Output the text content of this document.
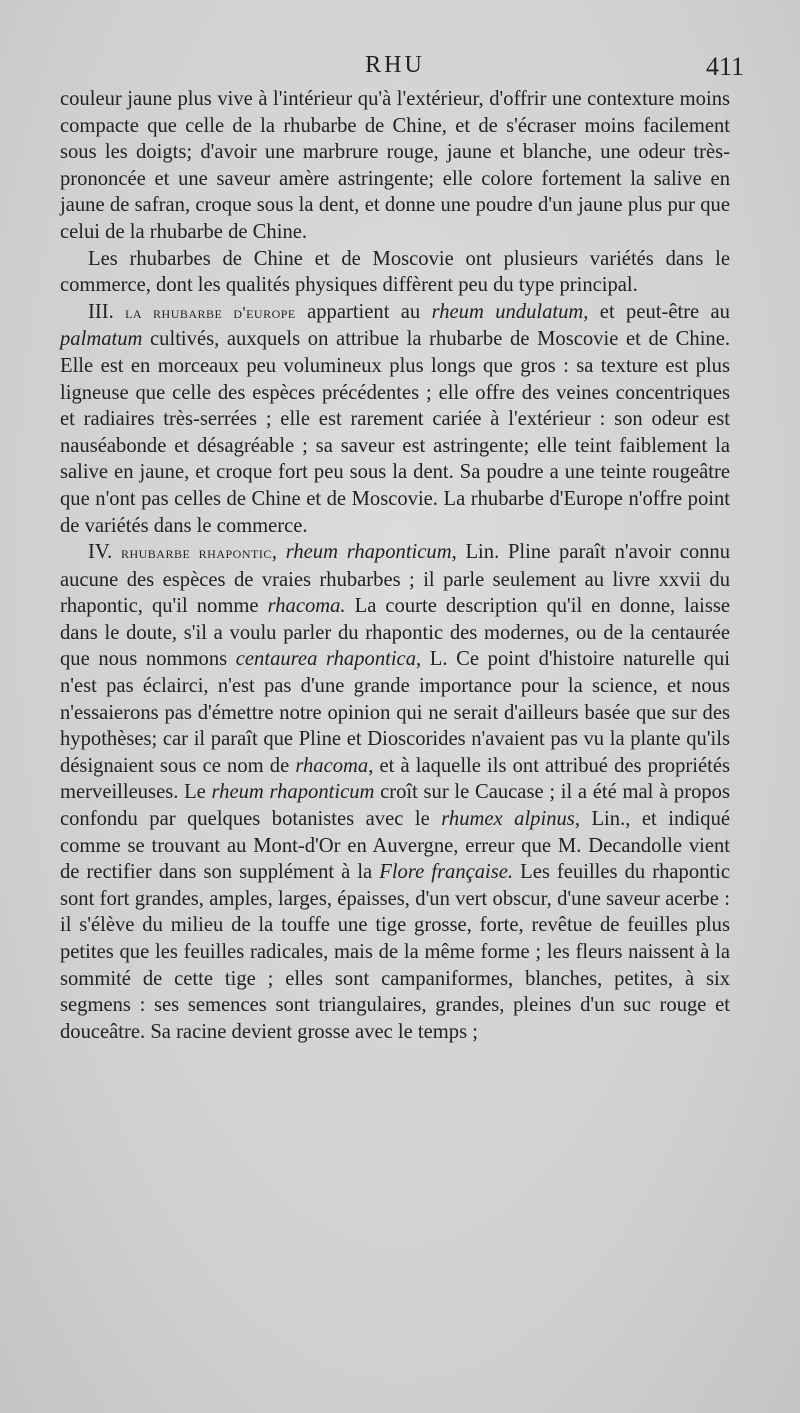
RHU	411

couleur jaune plus vive à l'intérieur qu'à l'extérieur, d'offrir une contexture moins compacte que celle de la rhubarbe de Chine, et de s'écraser moins facilement sous les doigts; d'avoir une marbrure rouge, jaune et blanche, une odeur très-prononcée et une saveur amère astringente; elle colore fortement la salive en jaune de safran, croque sous la dent, et donne une poudre d'un jaune plus pur que celui de la rhubarbe de Chine.

Les rhubarbes de Chine et de Moscovie ont plusieurs variétés dans le commerce, dont les qualités physiques diffèrent peu du type principal.

III. la rhubarbe d'europe appartient au rheum undulatum, et peut-être au palmatum cultivés, auxquels on attribue la rhubarbe de Moscovie et de Chine. Elle est en morceaux peu volumineux plus longs que gros : sa texture est plus ligneuse que celle des espèces précédentes ; elle offre des veines concentriques et radiaires très-serrées ; elle est rarement cariée à l'extérieur : son odeur est nauséabonde et désagréable ; sa saveur est astringente; elle teint faiblement la salive en jaune, et croque fort peu sous la dent. Sa poudre a une teinte rougeâtre que n'ont pas celles de Chine et de Moscovie. La rhubarbe d'Europe n'offre point de variétés dans le commerce.

IV. rhubarbe rhapontic, rheum rhaponticum, Lin. Pline paraît n'avoir connu aucune des espèces de vraies rhubarbes ; il parle seulement au livre xxvii du rhapontic, qu'il nomme rhacoma. La courte description qu'il en donne, laisse dans le doute, s'il a voulu parler du rhapontic des modernes, ou de la centaurée que nous nommons centaurea rhapontica, L. Ce point d'histoire naturelle qui n'est pas éclairci, n'est pas d'une grande importance pour la science, et nous n'essaierons pas d'émettre notre opinion qui ne serait d'ailleurs basée que sur des hypothèses; car il paraît que Pline et Dioscorides n'avaient pas vu la plante qu'ils désignaient sous ce nom de rhacoma, et à laquelle ils ont attribué des propriétés merveilleuses. Le rheum rhaponticum croît sur le Caucase ; il a été mal à propos confondu par quelques botanistes avec le rhumex alpinus, Lin., et indiqué comme se trouvant au Mont-d'Or en Auvergne, erreur que M. Decandolle vient de rectifier dans son supplément à la Flore française. Les feuilles du rhapontic sont fort grandes, amples, larges, épaisses, d'un vert obscur, d'une saveur acerbe : il s'élève du milieu de la touffe une tige grosse, forte, revêtue de feuilles plus petites que les feuilles radicales, mais de la même forme ; les fleurs naissent à la sommité de cette tige ; elles sont campaniformes, blanches, petites, à six segmens : ses semences sont triangulaires, grandes, pleines d'un suc rouge et douceâtre. Sa racine devient grosse avec le temps ;
